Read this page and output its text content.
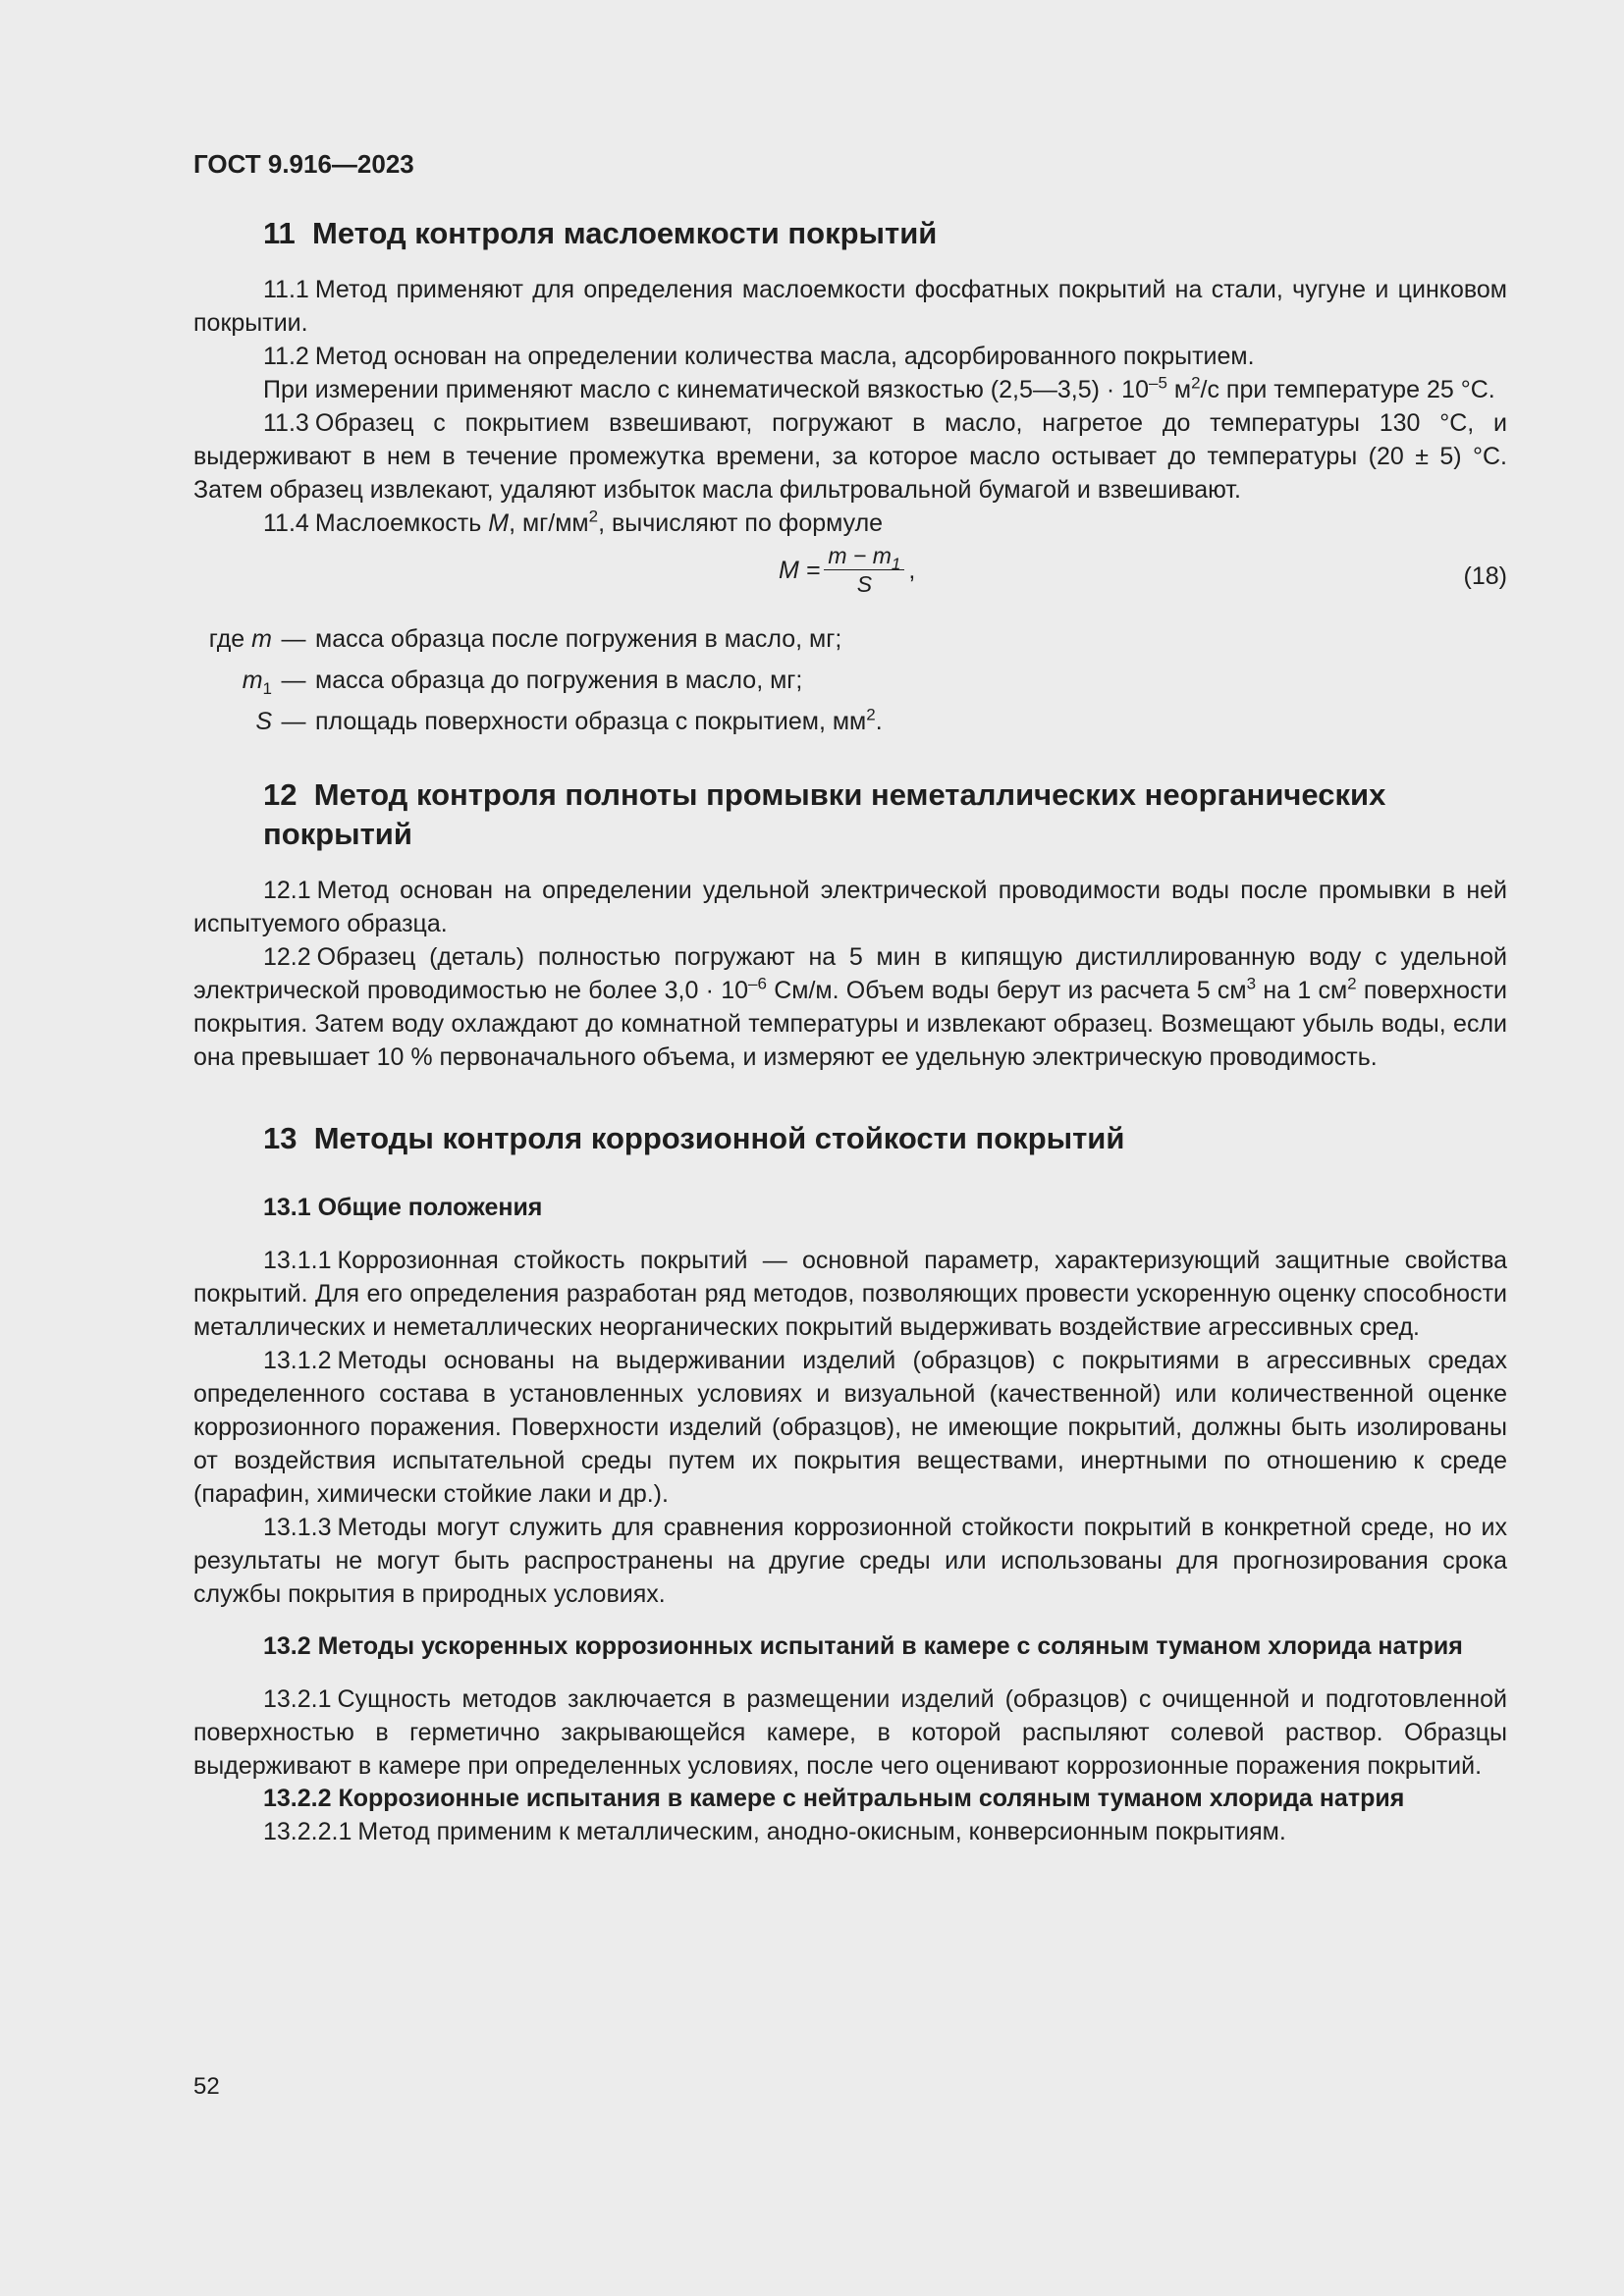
ГОСТ 9.916—2023

11 Метод контроля маслоемкости покрытий

11.1 Метод применяют для определения маслоемкости фосфатных покрытий на стали, чугуне и цинковом покрытии.

11.2 Метод основан на определении количества масла, адсорбированного покрытием.

При измерении применяют масло с кинематической вязкостью (2,5—3,5) · $10^{-5}$ $м^2/с$ при температуре 25 °С.

11.3 Образец с покрытием взвешивают, погружают в масло, нагретое до температуры 130 °С, и выдерживают в нем в течение промежутка времени, за которое масло остывает до температуры (20 ± 5) °С. Затем образец извлекают, удаляют избыток масла фильтровальной бумагой и взвешивают.

11.4 Маслоемкость M, $мг/мм^2$, вычисляют по формуле

$M = \frac{m - m_1}{S}$ ,	(18)
где m — масса образца после погружения в масло, мг;
$m_1$ — масса образца до погружения в масло, мг;
S — площадь поверхности образца с покрытием, $мм^2$.
12 Метод контроля полноты промывки неметаллических неорганических покрытий

12.1 Метод основан на определении удельной электрической проводимости воды после промывки в ней испытуемого образца.

12.2 Образец (деталь) полностью погружают на 5 мин в кипящую дистиллированную воду с удельной электрической проводимостью не более $3,0 \cdot 10^{-6}$ См/м. Объем воды берут из расчета 5 $см^3$ на 1 $см^2$ поверхности покрытия. Затем воду охлаждают до комнатной температуры и извлекают образец. Возмещают убыль воды, если она превышает 10 % первоначального объема, и измеряют ее удельную электрическую проводимость.

13 Методы контроля коррозионной стойкости покрытий
13.1 Общие положения

13.1.1 Коррозионная стойкость покрытий — основной параметр, характеризующий защитные свойства покрытий. Для его определения разработан ряд методов, позволяющих провести ускоренную оценку способности металлических и неметаллических неорганических покрытий выдерживать воздействие агрессивных сред.

13.1.2 Методы основаны на выдерживании изделий (образцов) с покрытиями в агрессивных средах определенного состава в установленных условиях и визуальной (качественной) или количественной оценке коррозионного поражения. Поверхности изделий (образцов), не имеющие покрытий, должны быть изолированы от воздействия испытательной среды путем их покрытия веществами, инертными по отношению к среде (парафин, химически стойкие лаки и др.).

13.1.3 Методы могут служить для сравнения коррозионной стойкости покрытий в конкретной среде, но их результаты не могут быть распространены на другие среды или использованы для прогнозирования срока службы покрытия в природных условиях.

13.2 Методы ускоренных коррозионных испытаний в камере с соляным туманом хлорида натрия

13.2.1 Сущность методов заключается в размещении изделий (образцов) с очищенной и подготовленной поверхностью в герметично закрывающейся камере, в которой распыляют солевой раствор. Образцы выдерживают в камере при определенных условиях, после чего оценивают коррозионные поражения покрытий.

13.2.2 Коррозионные испытания в камере с нейтральным соляным туманом хлорида натрия

13.2.2.1 Метод применим к металлическим, анодно-окисным, конверсионным покрытиям.

52
